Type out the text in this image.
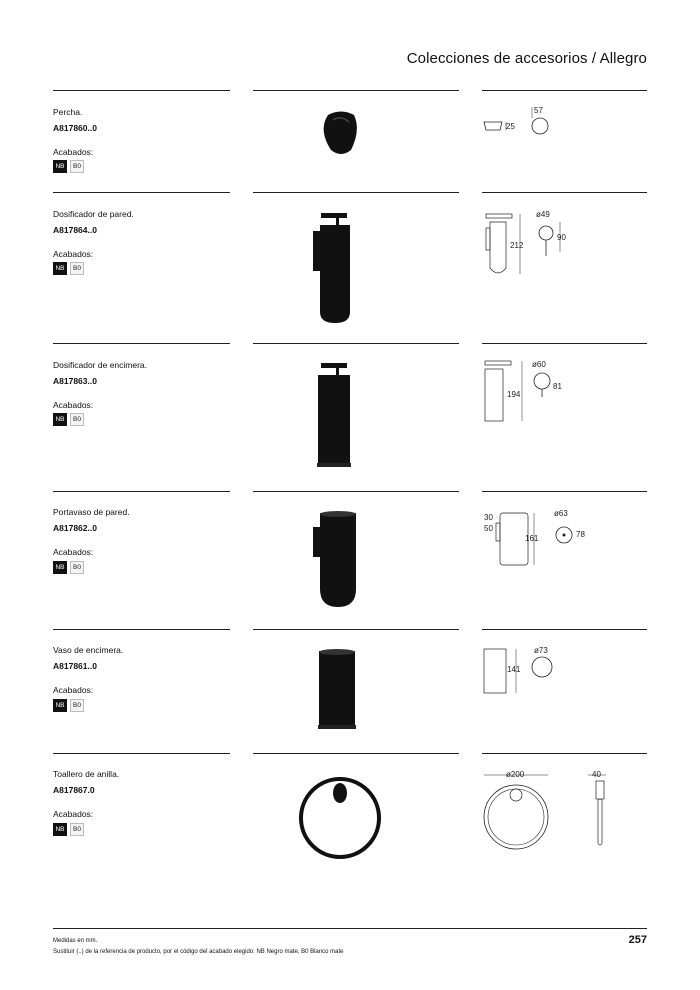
Colecciones de accesorios / Allegro
Percha.
A817860..0
Acabados:
NB	B0
25
57
Dosificador de pared.
A817864..0
Acabados:
NB	B0
212
ø49
90
Dosificador de encimera.
A817863..0
Acabados:
NB	B0
194
ø60
81
Portavaso de pared.
A817862..0
Acabados:
NB	B0
30
50
161
ø63
78
Vaso de encimera.
A817861..0
Acabados:
NB	B0
141
ø73
Toallero de anilla.
A817867.0
Acabados:
NB	B0
ø200	40
Medidas en mm.
Sustituir (..) de la referencia de producto, por el código del acabado elegido: NB Negro mate, B0 Blanco mate
257
